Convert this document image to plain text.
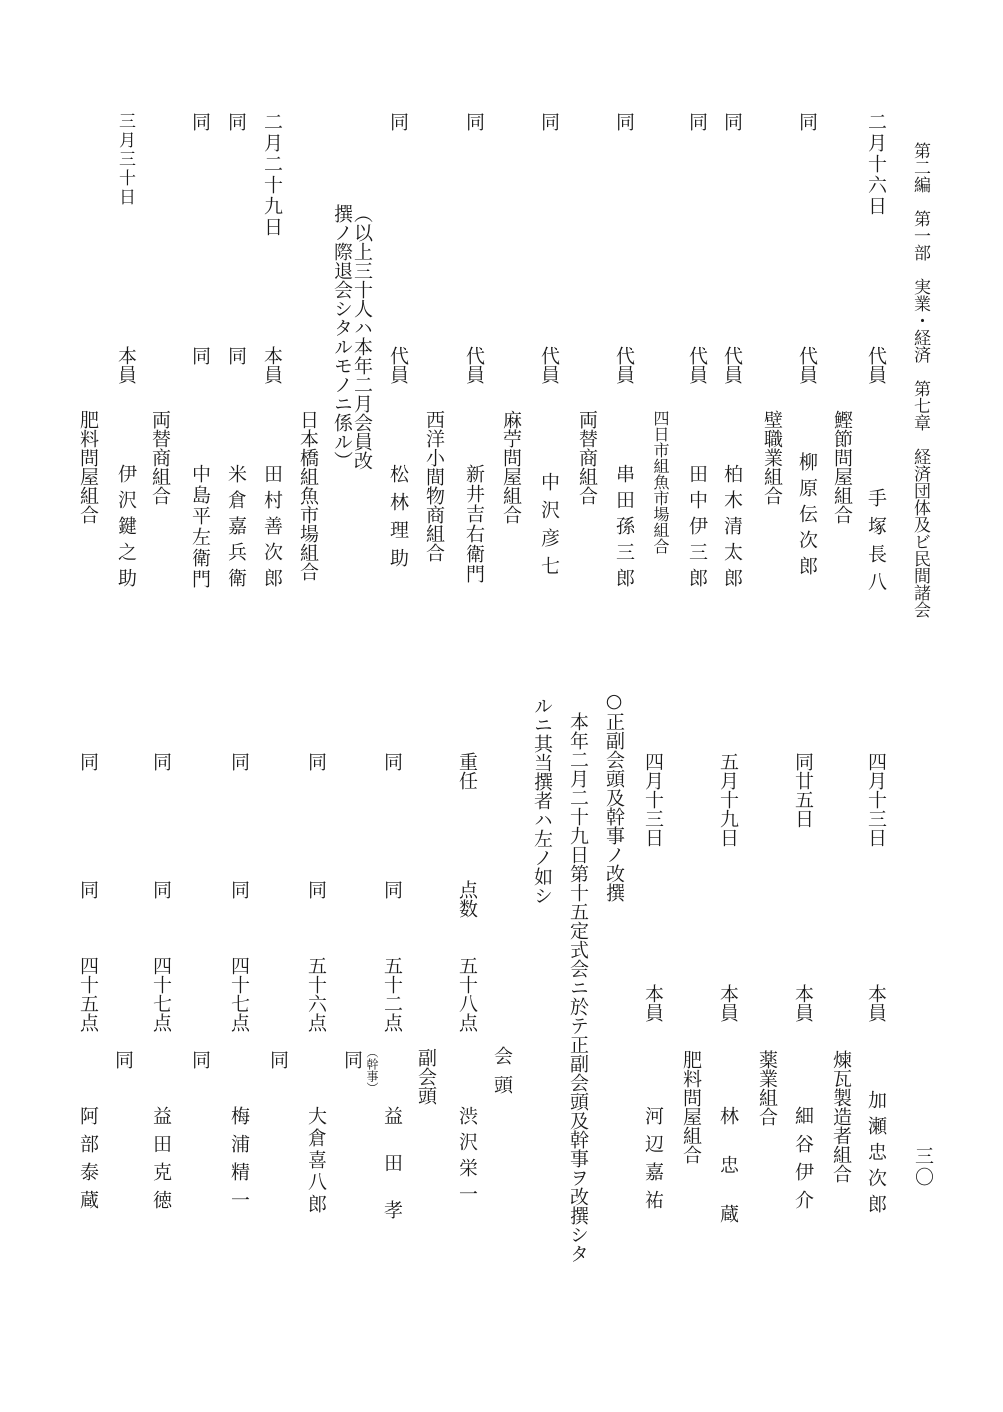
第二編　第一部　実業・経済　第七章　経済団体及ビ民間諸会
三〇
二月十六日
代員
手塚長八
鰹節問屋組合
同
代員
柳原伝次郎
壁職業組合
同
代員
柏木清太郎
同
代員
田中伊三郎
四日市組魚市場組合
同
代員
串田孫三郎
両替商組合
同
代員
中沢彦七
麻苧問屋組合
同
代員
新井吉右衛門
西洋小間物商組合
同
代員
松林理助
（以上三十人ハ本年二月会員改
撰ノ際退会シタルモノニ係ル）
日本橋組魚市場組合
二月二十九日
本員
田村善次郎
同
同
米倉嘉兵衛
同
同
中島平左衛門
両替商組合
三月三十日
本員
伊沢鍵之助
肥料問屋組合
四月十三日
本員
加瀬忠次郎
煉瓦製造者組合
同廿五日
本員
細谷伊介
薬業組合
五月十九日
本員
林忠蔵
肥料問屋組合
四月十三日
本員
河辺嘉祐
○正副会頭及幹事ノ改撰
本年二月二十九日第十五定式会ニ於テ正副会頭及幹事ヲ改撰シタ
ルニ其当撰者ハ左ノ如シ
重任
点数
五十八点
会頭
副会頭
渋沢栄一
同
同
五十二点
同 （幹事）
益田孝
同
同
五十六点
同
大倉喜八郎
同
同
四十七点
同
梅浦精一
同
同
四十七点
同
益田克徳
同
同
四十五点
阿部泰蔵
